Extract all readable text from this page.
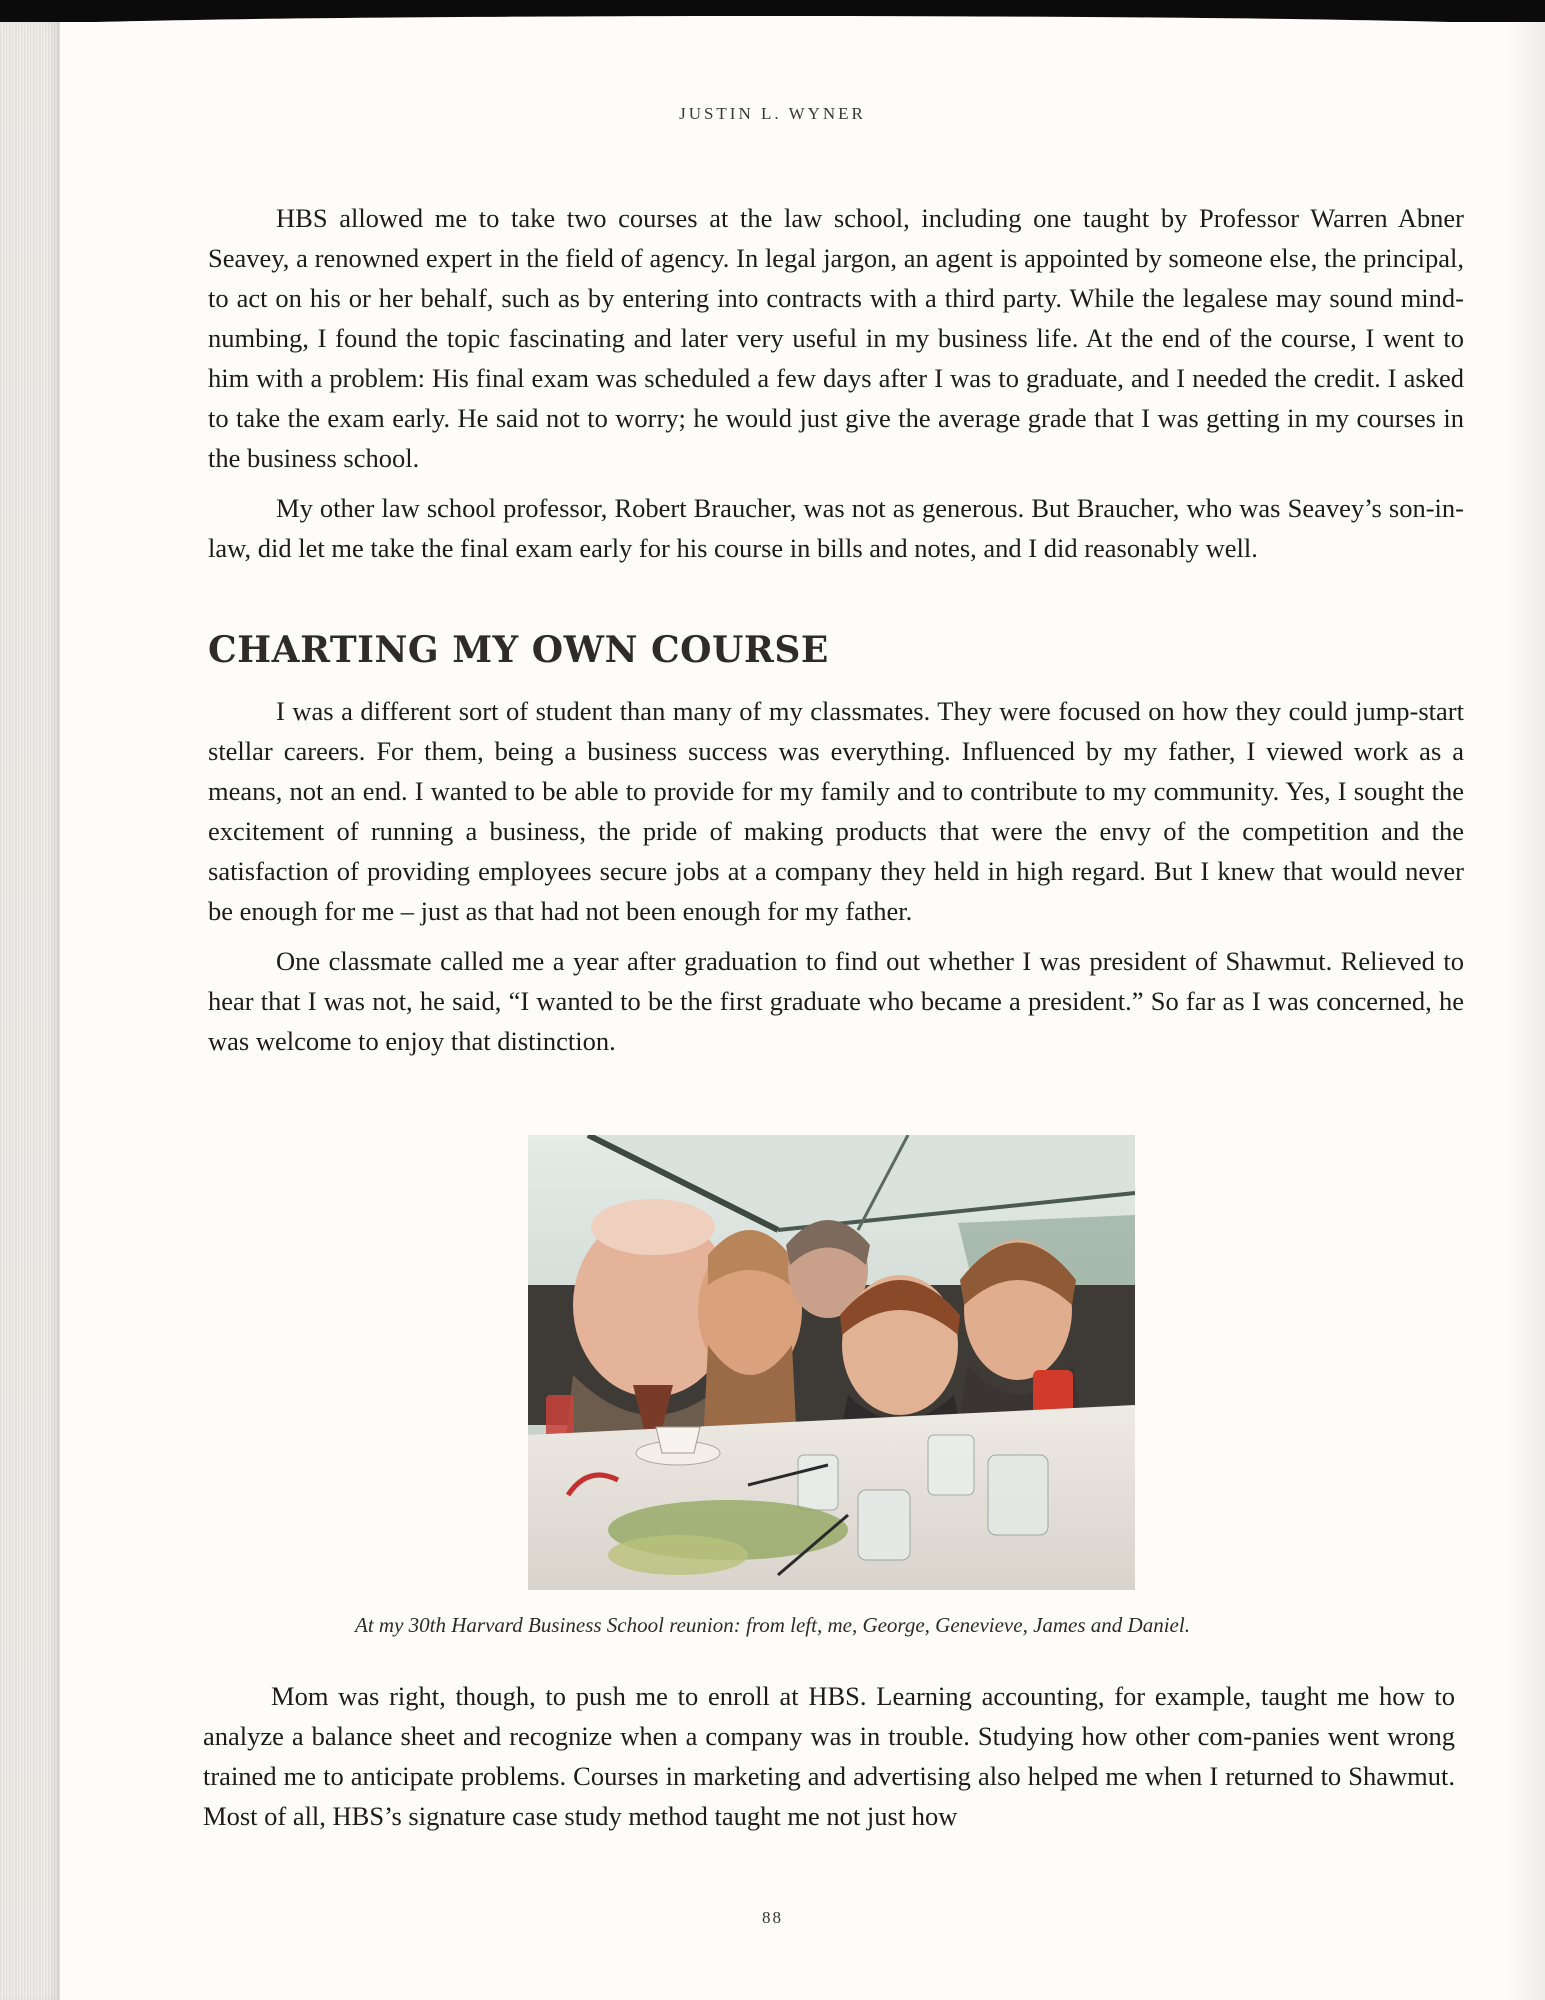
JUSTIN L. WYNER

HBS allowed me to take two courses at the law school, including one taught by Professor Warren Abner Seavey, a renowned expert in the field of agency. In legal jargon, an agent is appointed by someone else, the principal, to act on his or her behalf, such as by entering into contracts with a third party. While the legalese may sound mind-numbing, I found the topic fascinating and later very useful in my business life. At the end of the course, I went to him with a problem: His final exam was scheduled a few days after I was to graduate, and I needed the credit. I asked to take the exam early. He said not to worry; he would just give the average grade that I was getting in my courses in the business school.

My other law school professor, Robert Braucher, was not as generous. But Braucher, who was Seavey’s son-in-law, did let me take the final exam early for his course in bills and notes, and I did reasonably well.

CHARTING MY OWN COURSE

I was a different sort of student than many of my classmates. They were focused on how they could jump-start stellar careers. For them, being a business success was everything. Influenced by my father, I viewed work as a means, not an end. I wanted to be able to provide for my family and to contribute to my community. Yes, I sought the excitement of running a business, the pride of making products that were the envy of the competition and the satisfaction of providing employees secure jobs at a company they held in high regard. But I knew that would never be enough for me – just as that had not been enough for my father.

One classmate called me a year after graduation to find out whether I was president of Shawmut. Relieved to hear that I was not, he said, “I wanted to be the first graduate who became a president.” So far as I was concerned, he was welcome to enjoy that distinction.

At my 30th Harvard Business School reunion: from left, me, George, Genevieve, James and Daniel.

Mom was right, though, to push me to enroll at HBS. Learning accounting, for example, taught me how to analyze a balance sheet and recognize when a company was in trouble. Studying how other com-panies went wrong trained me to anticipate problems. Courses in marketing and advertising also helped me when I returned to Shawmut. Most of all, HBS’s signature case study method taught me not just how

88
